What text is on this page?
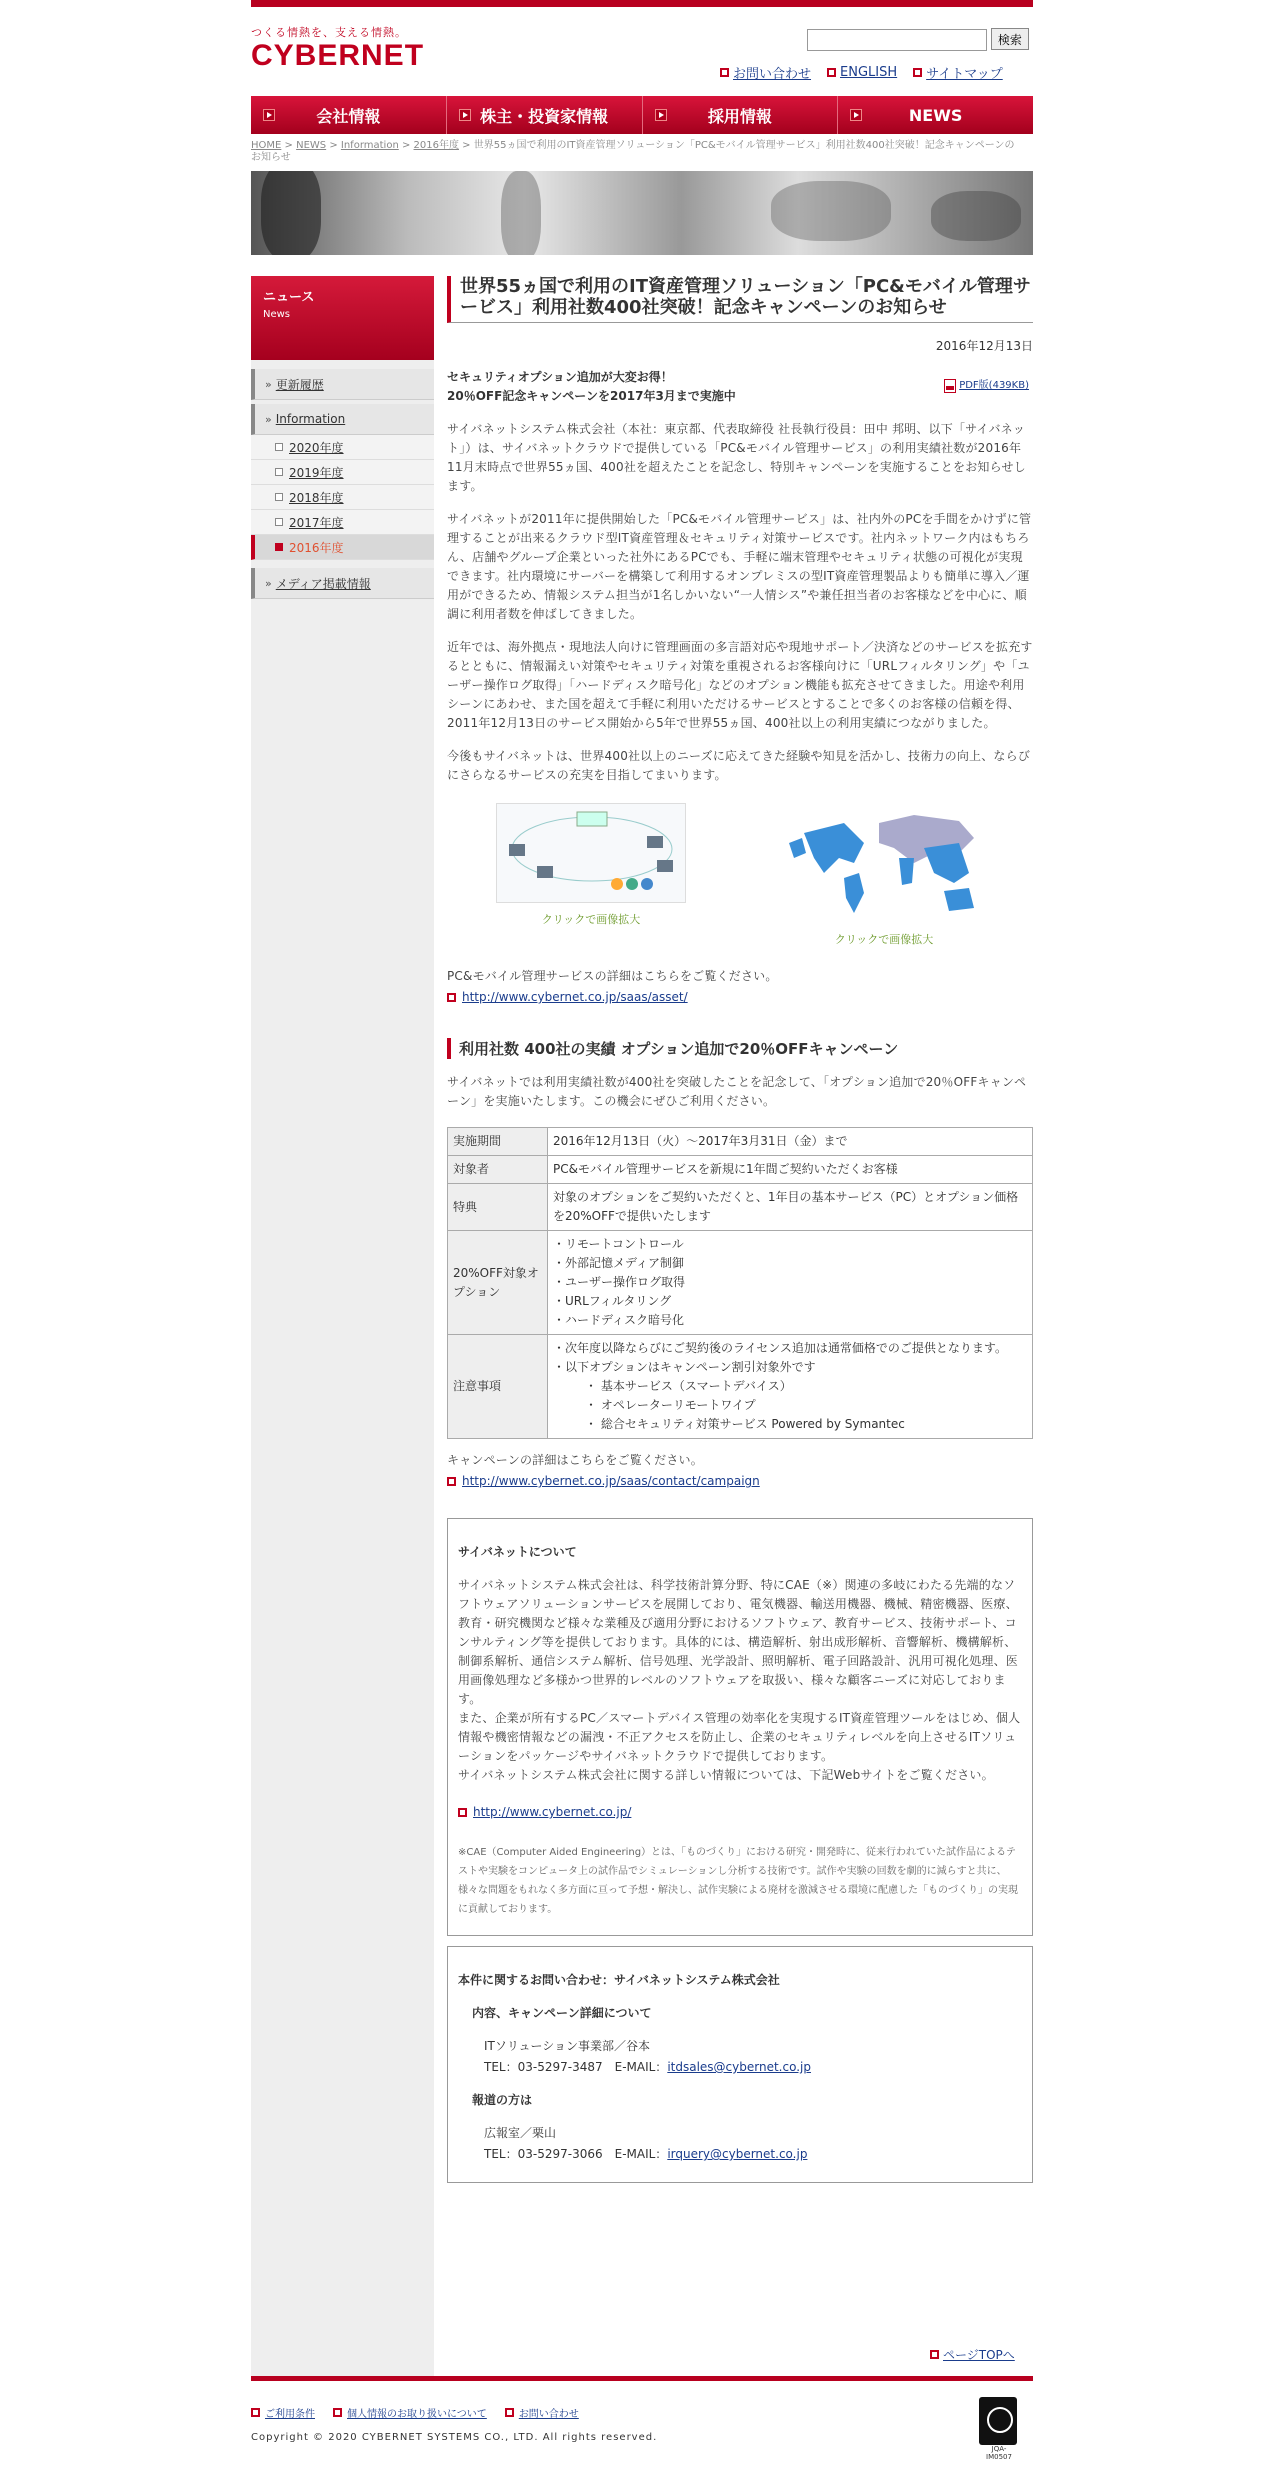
つくる情熱を、支える情熱。
CYBERNET	検索
お問い合わせ ENGLISH サイトマップ
会社情報	株主・投資家情報	採用情報	NEWS
HOME > NEWS > Information > 2016年度 > 世界55ヵ国で利用のIT資産管理ソリューション「PC&モバイル管理サービス」利用社数400社突破！記念キャンペーンのお知らせ
ニュース
News
» 更新履歴
» Information
2020年度
2019年度
2018年度
2017年度
2016年度
» メディア掲載情報
世界55ヵ国で利用のIT資産管理ソリューション「PC&モバイル管理サービス」利用社数400社突破！記念キャンペーンのお知らせ
2016年12月13日
セキュリティオプション追加が大変お得！
20％OFF記念キャンペーンを2017年3月まで実施中
PDF版(439KB)
サイバネットシステム株式会社（本社：東京都、代表取締役 社長執行役員：田中 邦明、以下「サイバネット」）は、サイバネットクラウドで提供している「PC&モバイル管理サービス」の利用実績社数が2016年11月末時点で世界55ヵ国、400社を超えたことを記念し、特別キャンペーンを実施することをお知らせします。
サイバネットが2011年に提供開始した「PC&モバイル管理サービス」は、社内外のPCを手間をかけずに管理することが出来るクラウド型IT資産管理＆セキュリティ対策サービスです。社内ネットワーク内はもちろん、店舗やグループ企業といった社外にあるPCでも、手軽に端末管理やセキュリティ状態の可視化が実現できます。社内環境にサーバーを構築して利用するオンプレミスの型IT資産管理製品よりも簡単に導入／運用ができるため、情報システム担当が1名しかいない“一人情シス”や兼任担当者のお客様などを中心に、順調に利用者数を伸ばしてきました。
近年では、海外拠点・現地法人向けに管理画面の多言語対応や現地サポート／決済などのサービスを拡充するとともに、情報漏えい対策やセキュリティ対策を重視されるお客様向けに「URLフィルタリング」や「ユーザー操作ログ取得」「ハードディスク暗号化」などのオプション機能も拡充させてきました。用途や利用シーンにあわせ、また国を超えて手軽に利用いただけるサービスとすることで多くのお客様の信頼を得、2011年12月13日のサービス開始から5年で世界55ヵ国、400社以上の利用実績につながりました。
今後もサイバネットは、世界400社以上のニーズに応えてきた経験や知見を活かし、技術力の向上、ならびにさらなるサービスの充実を目指してまいります。
クリックで画像拡大
クリックで画像拡大
PC&モバイル管理サービスの詳細はこちらをご覧ください。
http://www.cybernet.co.jp/saas/asset/
利用社数 400社の実績 オプション追加で20％OFFキャンペーン
サイバネットでは利用実績社数が400社を突破したことを記念して、「オプション追加で20％OFFキャンペーン」を実施いたします。この機会にぜひご利用ください。
実施期間	2016年12月13日（火）～2017年3月31日（金）まで
対象者	PC&モバイル管理サービスを新規に1年間ご契約いただくお客様
特典	対象のオプションをご契約いただくと、1年目の基本サービス（PC）とオプション価格を20%OFFで提供いたします
20%OFF対象オプション	・リモートコントロール
・外部記憶メディア制御
・ユーザー操作ログ取得
・URLフィルタリング
・ハードディスク暗号化

注意事項	・次年度以降ならびにご契約後のライセンス追加は通常価格でのご提供となります。
・以下オプションはキャンペーン割引対象外です
・ 基本サービス（スマートデバイス）
・ オペレーターリモートワイプ
・ 総合セキュリティ対策サービス Powered by Symantec
キャンペーンの詳細はこちらをご覧ください。
http://www.cybernet.co.jp/saas/contact/campaign
サイバネットについて
サイバネットシステム株式会社は、科学技術計算分野、特にCAE（※）関連の多岐にわたる先端的なソフトウェアソリューションサービスを展開しており、電気機器、輸送用機器、機械、精密機器、医療、教育・研究機関など様々な業種及び適用分野におけるソフトウェア、教育サービス、技術サポート、コンサルティング等を提供しております。具体的には、構造解析、射出成形解析、音響解析、機構解析、制御系解析、通信システム解析、信号処理、光学設計、照明解析、電子回路設計、汎用可視化処理、医用画像処理など多様かつ世界的レベルのソフトウェアを取扱い、様々な顧客ニーズに対応しております。
また、企業が所有するPC／スマートデバイス管理の効率化を実現するIT資産管理ツールをはじめ、個人情報や機密情報などの漏洩・不正アクセスを防止し、企業のセキュリティレベルを向上させるITソリューションをパッケージやサイバネットクラウドで提供しております。
サイバネットシステム株式会社に関する詳しい情報については、下記Webサイトをご覧ください。
http://www.cybernet.co.jp/
※CAE（Computer Aided Engineering）とは、「ものづくり」における研究・開発時に、従来行われていた試作品によるテストや実験をコンピュータ上の試作品でシミュレーションし分析する技術です。試作や実験の回数を劇的に減らすと共に、様々な問題をもれなく多方面に亘って予想・解決し、試作実験による廃材を激減させる環境に配慮した「ものづくり」の実現に貢献しております。
本件に関するお問い合わせ：サイバネットシステム株式会社
内容、キャンペーン詳細について
ITソリューション事業部／谷本
TEL：03-5297-3487　E-MAIL：itdsales@cybernet.co.jp
報道の方は
広報室／栗山
TEL：03-5297-3066　E-MAIL：irquery@cybernet.co.jp
ページTOPへ
ご利用条件	個人情報のお取り扱いについて	お問い合わせ
Copyright © 2020 CYBERNET SYSTEMS CO., LTD. All rights reserved.
JQA-IM0507
